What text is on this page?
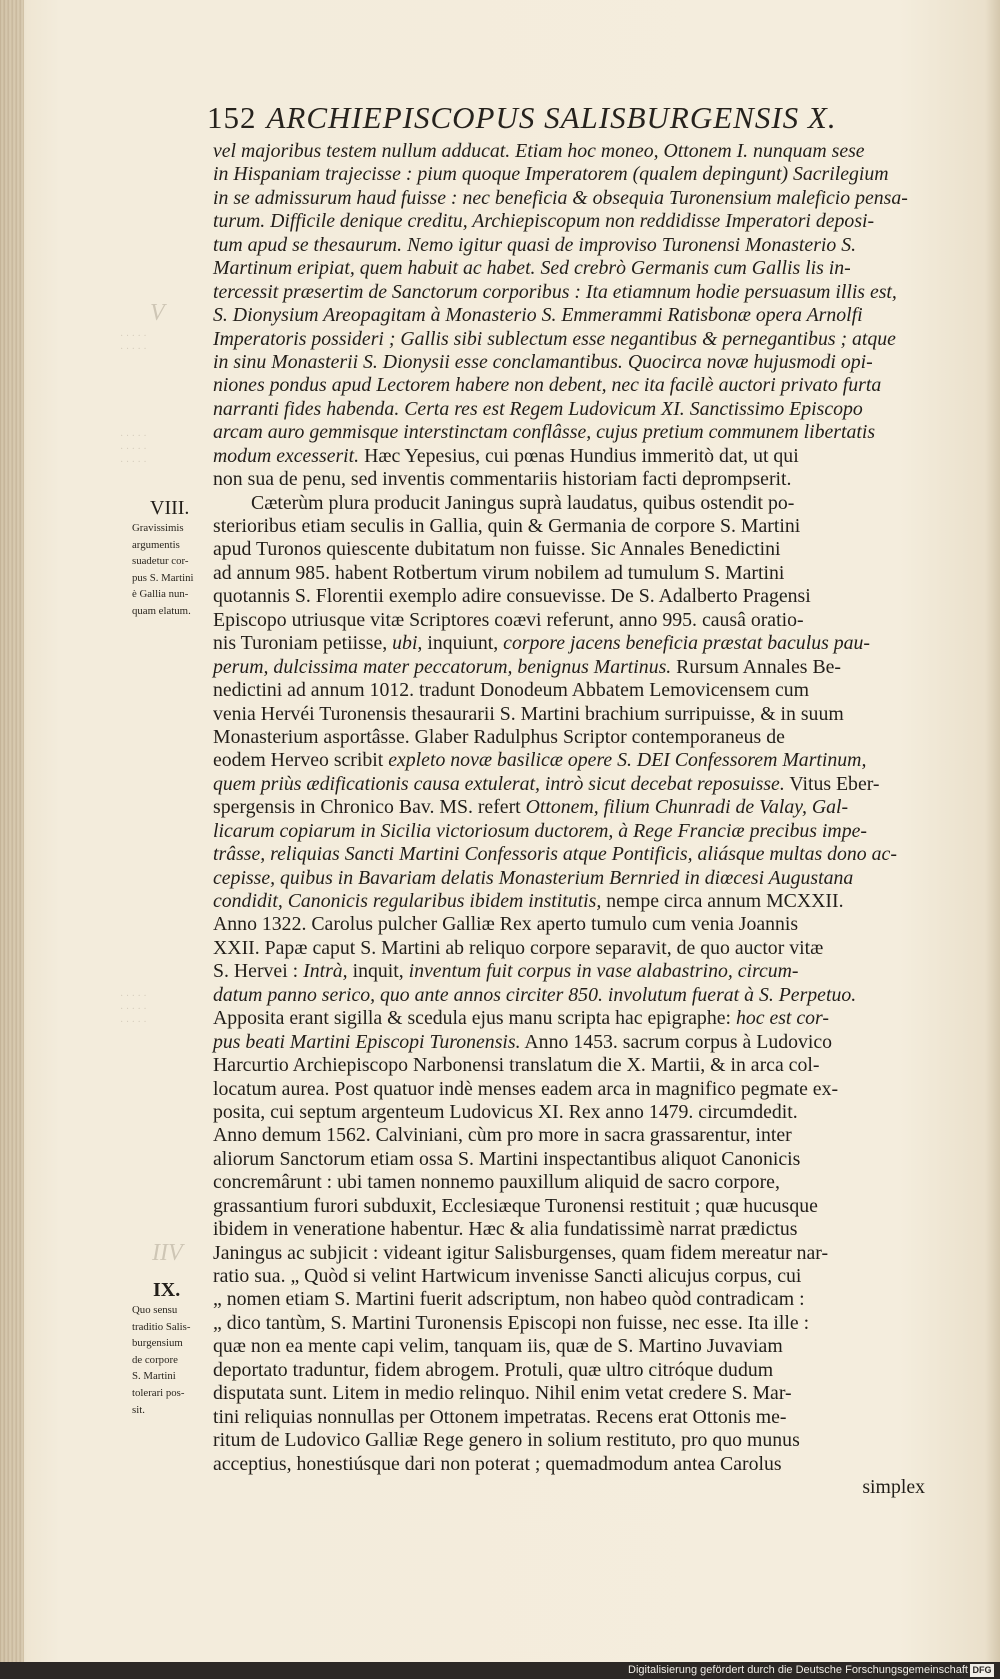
V
IIV
· · · · ·
· · · · ·
· · · · ·
· · · · ·
· · · · ·
· · · · ·
· · · · ·
· · · · ·
152 ARCHIEPISCOPUS SALISBURGENSIS X.
vel majoribus testem nullum adducat. Etiam hoc moneo, Ottonem I. nunquam sese
in Hispaniam trajecisse : pium quoque Imperatorem (qualem depingunt) Sacrilegium
in se admissurum haud fuisse : nec beneficia & obsequia Turonensium maleficio pensa-
turum. Difficile denique creditu, Archiepiscopum non reddidisse Imperatori deposi-
tum apud se thesaurum. Nemo igitur quasi de improviso Turonensi Monasterio S.
Martinum eripiat, quem habuit ac habet. Sed crebrò Germanis cum Gallis lis in-
tercessit præsertim de Sanctorum corporibus : Ita etiamnum hodie persuasum illis est,
S. Dionysium Areopagitam à Monasterio S. Emmerammi Ratisbonæ opera Arnolfi
Imperatoris possideri ; Gallis sibi sublectum esse negantibus & pernegantibus ; atque
in sinu Monasterii S. Dionysii esse conclamantibus. Quocirca novæ hujusmodi opi-
niones pondus apud Lectorem habere non debent, nec ita facilè auctori privato furta
narranti fides habenda. Certa res est Regem Ludovicum XI. Sanctissimo Episcopo
arcam auro gemmisque interstinctam conflâsse, cujus pretium communem libertatis
modum excesserit. Hæc Yepesius, cui pœnas Hundius immeritò dat, ut qui
non sua de penu, sed inventis commentariis historiam facti deprompserit.
Cæterùm plura producit Janingus suprà laudatus, quibus ostendit po-
sterioribus etiam seculis in Gallia, quin & Germania de corpore S. Martini
apud Turonos quiescente dubitatum non fuisse. Sic Annales Benedictini
ad annum 985. habent Rotbertum virum nobilem ad tumulum S. Martini
quotannis S. Florentii exemplo adire consuevisse. De S. Adalberto Pragensi
Episcopo utriusque vitæ Scriptores coævi referunt, anno 995. causâ oratio-
nis Turoniam petiisse, ubi, inquiunt, corpore jacens beneficia præstat baculus pau-
perum, dulcissima mater peccatorum, benignus Martinus. Rursum Annales Be-
nedictini ad annum 1012. tradunt Donodeum Abbatem Lemovicensem cum
venia Hervéi Turonensis thesaurarii S. Martini brachium surripuisse, & in suum
Monasterium asportâsse. Glaber Radulphus Scriptor contemporaneus de
eodem Herveo scribit expleto novæ basilicæ opere S. DEI Confessorem Martinum,
quem priùs ædificationis causa extulerat, intrò sicut decebat reposuisse. Vitus Eber-
spergensis in Chronico Bav. MS. refert Ottonem, filium Chunradi de Valay, Gal-
licarum copiarum in Sicilia victoriosum ductorem, à Rege Franciæ precibus impe-
trâsse, reliquias Sancti Martini Confessoris atque Pontificis, aliásque multas dono ac-
cepisse, quibus in Bavariam delatis Monasterium Bernried in diœcesi Augustana
condidit, Canonicis regularibus ibidem institutis, nempe circa annum MCXXII.
Anno 1322. Carolus pulcher Galliæ Rex aperto tumulo cum venia Joannis
XXII. Papæ caput S. Martini ab reliquo corpore separavit, de quo auctor vitæ
S. Hervei : Intrà, inquit, inventum fuit corpus in vase alabastrino, circum-
datum panno serico, quo ante annos circiter 850. involutum fuerat à S. Perpetuo.
Apposita erant sigilla & scedula ejus manu scripta hac epigraphe: hoc est cor-
pus beati Martini Episcopi Turonensis. Anno 1453. sacrum corpus à Ludovico
Harcurtio Archiepiscopo Narbonensi translatum die X. Martii, & in arca col-
locatum aurea. Post quatuor indè menses eadem arca in magnifico pegmate ex-
posita, cui septum argenteum Ludovicus XI. Rex anno 1479. circumdedit.
Anno demum 1562. Calviniani, cùm pro more in sacra grassarentur, inter
aliorum Sanctorum etiam ossa S. Martini inspectantibus aliquot Canonicis
concremârunt : ubi tamen nonnemo pauxillum aliquid de sacro corpore,
grassantium furori subduxit, Ecclesiæque Turonensi restituit ; quæ hucusque
ibidem in veneratione habentur. Hæc & alia fundatissimè narrat prædictus
Janingus ac subjicit : videant igitur Salisburgenses, quam fidem mereatur nar-
ratio sua. „ Quòd si velint Hartwicum invenisse Sancti alicujus corpus, cui
„ nomen etiam S. Martini fuerit adscriptum, non habeo quòd contradicam :
„ dico tantùm, S. Martini Turonensis Episcopi non fuisse, nec esse. Ita ille :
quæ non ea mente capi velim, tanquam iis, quæ de S. Martino Juvaviam
deportato traduntur, fidem abrogem. Protuli, quæ ultro citróque dudum
disputata sunt. Litem in medio relinquo. Nihil enim vetat credere S. Mar-
tini reliquias nonnullas per Ottonem impetratas. Recens erat Ottonis me-
ritum de Ludovico Galliæ Rege genero in solium restituto, pro quo munus
acceptius, honestiúsque dari non poterat ; quemadmodum antea Carolus
simplex
VIII.
Gravissimis
argumentis
suadetur cor-
pus S. Martini
è Gallia nun-
quam elatum.
IX.
Quo sensu
traditio Salis-
burgensium
de corpore
S. Martini
tolerari pos-
sit.
Digitalisierung gefördert durch die Deutsche Forschungsgemeinschaft DFG
